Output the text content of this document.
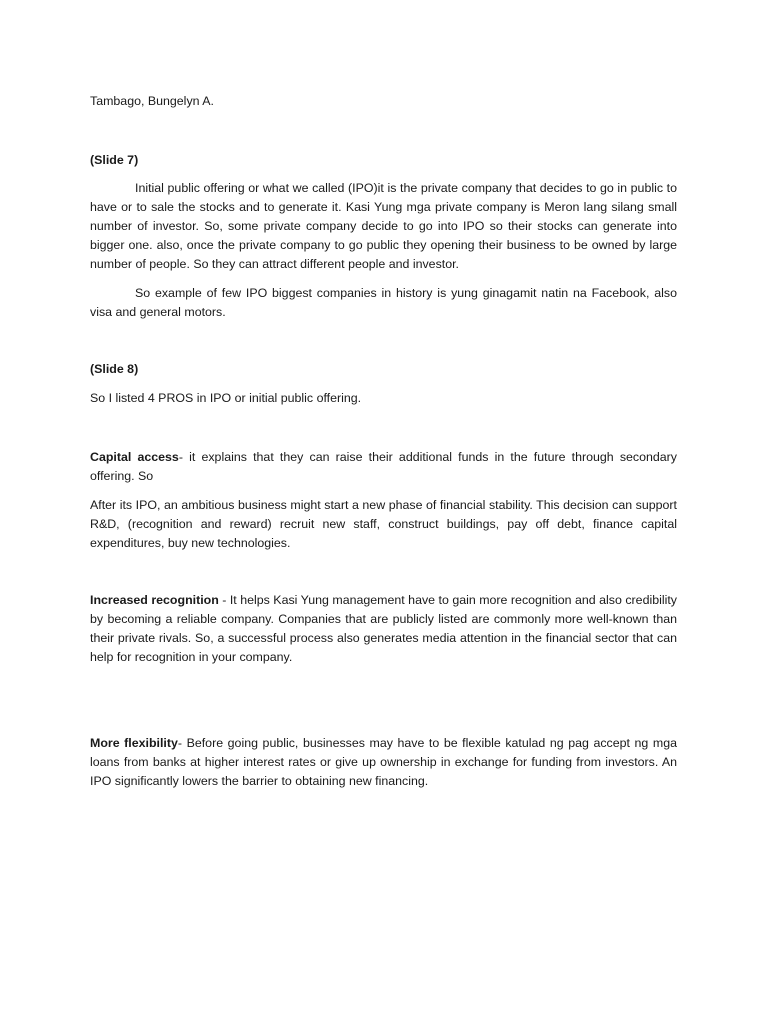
Tambago, Bungelyn A.

(Slide 7)

Initial public offering or what we called (IPO)it is the private company that decides to go in public to have or to sale the stocks and to generate it. Kasi Yung mga private company is Meron lang silang small number of investor. So, some private company decide to go into IPO so their stocks can generate into bigger one. also, once the private company to go public they opening their business to be owned by large number of people. So they can attract different people and investor.

So example of few IPO biggest companies in history is yung ginagamit natin na Facebook, also visa and general motors.

(Slide 8)

So I listed 4 PROS in IPO or initial public offering.

Capital access- it explains that they can raise their additional funds in the future through secondary offering. So

After its IPO, an ambitious business might start a new phase of financial stability. This decision can support R&D, (recognition and reward) recruit new staff, construct buildings, pay off debt, finance capital expenditures, buy new technologies.

Increased recognition - It helps Kasi Yung management have to gain more recognition and also credibility by becoming a reliable company. Companies that are publicly listed are commonly more well-known than their private rivals. So, a successful process also generates media attention in the financial sector that can help for recognition in your company.

More flexibility- Before going public, businesses may have to be flexible katulad ng pag accept ng mga loans from banks at higher interest rates or give up ownership in exchange for funding from investors. An IPO significantly lowers the barrier to obtaining new financing.
